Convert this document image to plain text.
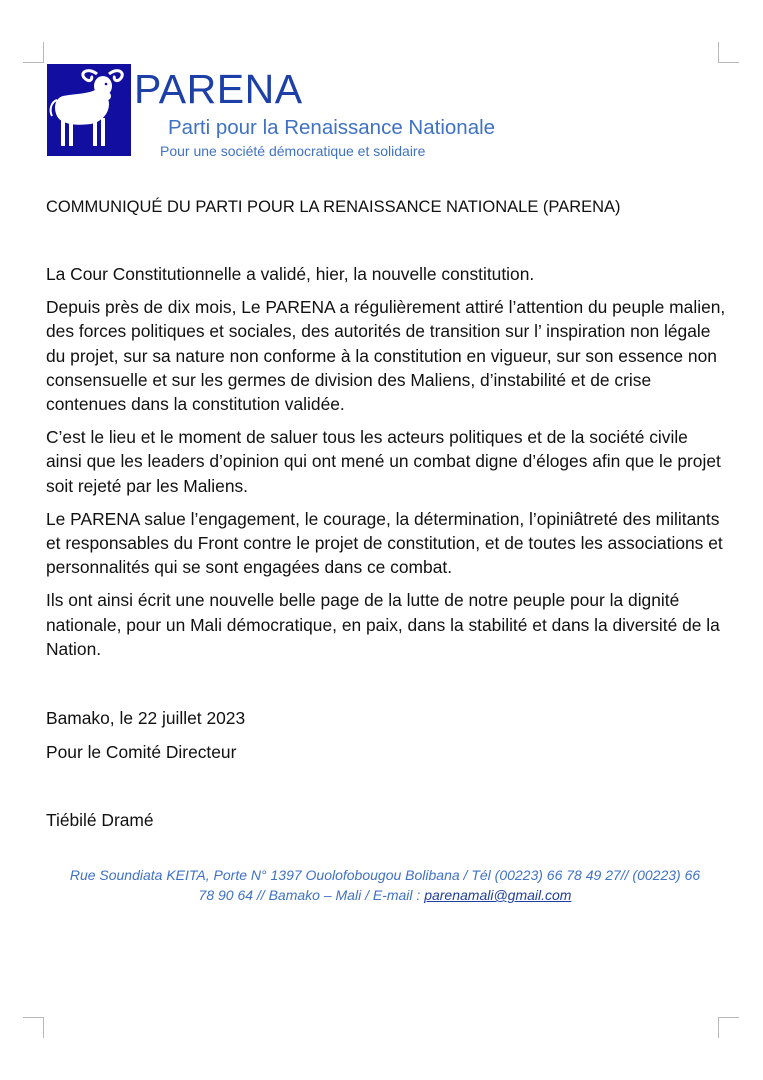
PARENA
Parti pour la Renaissance Nationale
Pour une société démocratique et solidaire
COMMUNIQUÉ DU PARTI POUR LA RENAISSANCE NATIONALE (PARENA)

La Cour Constitutionnelle a validé, hier, la nouvelle constitution.

Depuis près de dix mois, Le PARENA a régulièrement attiré l’attention du peuple malien, des forces politiques et sociales, des autorités de transition sur l’ inspiration non légale du projet, sur sa nature non conforme à la constitution en vigueur, sur son essence non consensuelle et sur les germes de division des Maliens, d’instabilité et de crise contenues dans la constitution validée.

C’est le lieu et le moment de saluer tous les acteurs politiques et de la société civile ainsi que les leaders d’opinion qui ont mené un combat digne d’éloges afin que le projet soit rejeté par les Maliens.

Le PARENA salue l’engagement, le courage, la détermination, l’opiniâtreté des militants et responsables du Front contre le projet de constitution, et de toutes les associations et personnalités qui se sont engagées dans ce combat.

Ils ont ainsi écrit une nouvelle belle page de la lutte de notre peuple pour la dignité nationale, pour un Mali démocratique, en paix, dans la stabilité et dans la diversité de la Nation.

Bamako, le 22 juillet 2023
Pour le Comité Directeur
Tiébilé Dramé
Rue Soundiata KEITA, Porte N° 1397 Ouolofobougou Bolibana / Tél (00223) 66 78 49 27// (00223) 66
78 90 64 // Bamako – Mali / E-mail : parenamali@gmail.com
